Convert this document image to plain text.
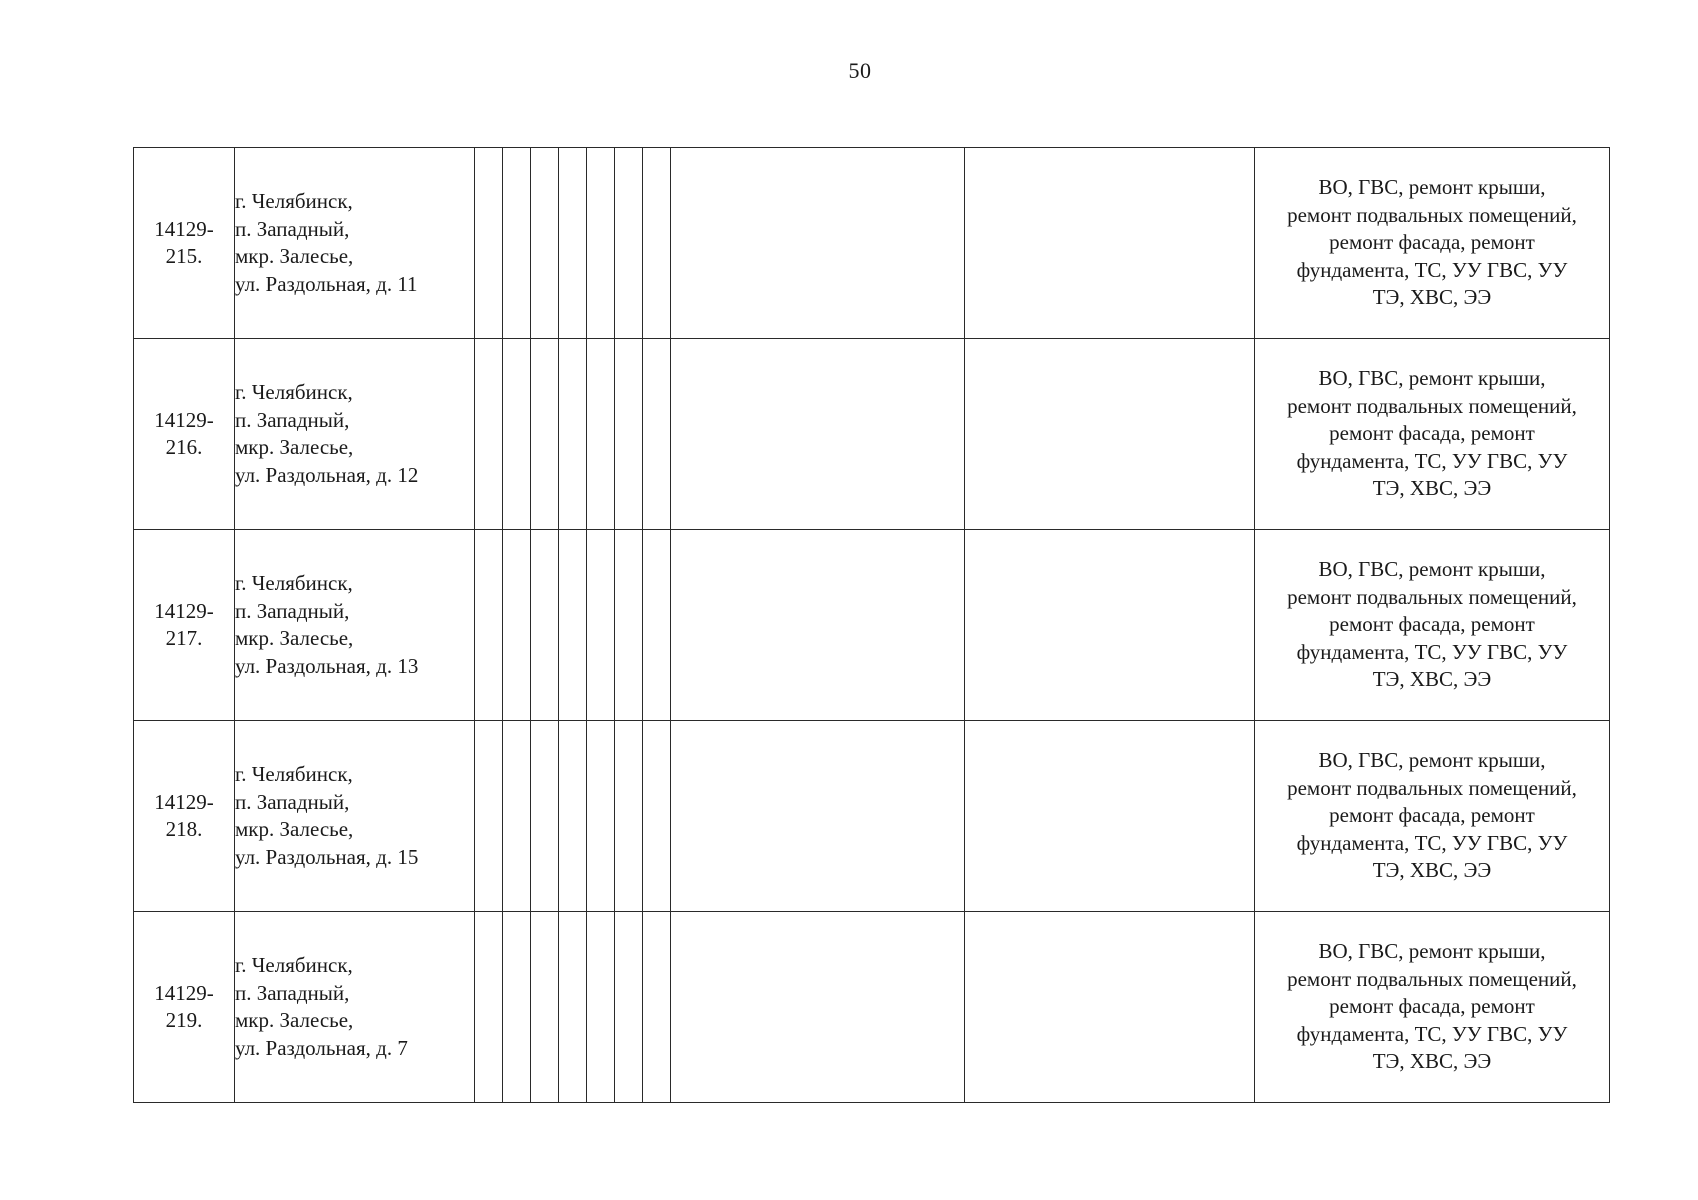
50
14129-
215.	г. Челябинск,
п. Западный,
мкр. Залесье,
ул. Раздольная, д. 11										ВО, ГВС, ремонт крыши,
ремонт подвальных помещений,
ремонт фасада, ремонт
фундамента, ТС, УУ ГВС, УУ
ТЭ, ХВС, ЭЭ

14129-
216.	г. Челябинск,
п. Западный,
мкр. Залесье,
ул. Раздольная, д. 12										ВО, ГВС, ремонт крыши,
ремонт подвальных помещений,
ремонт фасада, ремонт
фундамента, ТС, УУ ГВС, УУ
ТЭ, ХВС, ЭЭ

14129-
217.	г. Челябинск,
п. Западный,
мкр. Залесье,
ул. Раздольная, д. 13										ВО, ГВС, ремонт крыши,
ремонт подвальных помещений,
ремонт фасада, ремонт
фундамента, ТС, УУ ГВС, УУ
ТЭ, ХВС, ЭЭ

14129-
218.	г. Челябинск,
п. Западный,
мкр. Залесье,
ул. Раздольная, д. 15										ВО, ГВС, ремонт крыши,
ремонт подвальных помещений,
ремонт фасада, ремонт
фундамента, ТС, УУ ГВС, УУ
ТЭ, ХВС, ЭЭ

14129-
219.	г. Челябинск,
п. Западный,
мкр. Залесье,
ул. Раздольная, д. 7										ВО, ГВС, ремонт крыши,
ремонт подвальных помещений,
ремонт фасада, ремонт
фундамента, ТС, УУ ГВС, УУ
ТЭ, ХВС, ЭЭ
